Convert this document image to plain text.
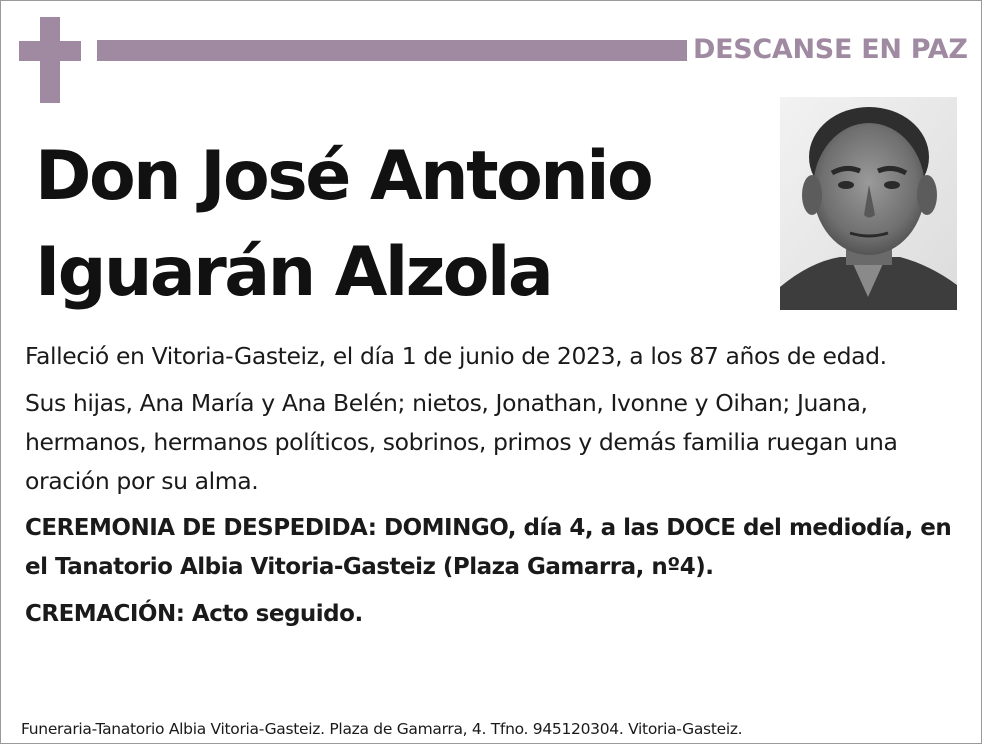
DESCANSE EN PAZ
Don José Antonio
Iguarán Alzola

Falleció en Vitoria-Gasteiz, el día 1 de junio de 2023, a los 87 años de edad.

Sus hijas, Ana María y Ana Belén; nietos, Jonathan, Ivonne y Oihan; Juana, hermanos, hermanos políticos, sobrinos, primos y demás familia ruegan una oración por su alma.

CEREMONIA DE DESPEDIDA: DOMINGO, día 4, a las DOCE del mediodía, en el Tanatorio Albia Vitoria-Gasteiz (Plaza Gamarra, nº4).

CREMACIÓN: Acto seguido.

Funeraria-Tanatorio Albia Vitoria-Gasteiz. Plaza de Gamarra, 4. Tfno. 945120304. Vitoria-Gasteiz.
